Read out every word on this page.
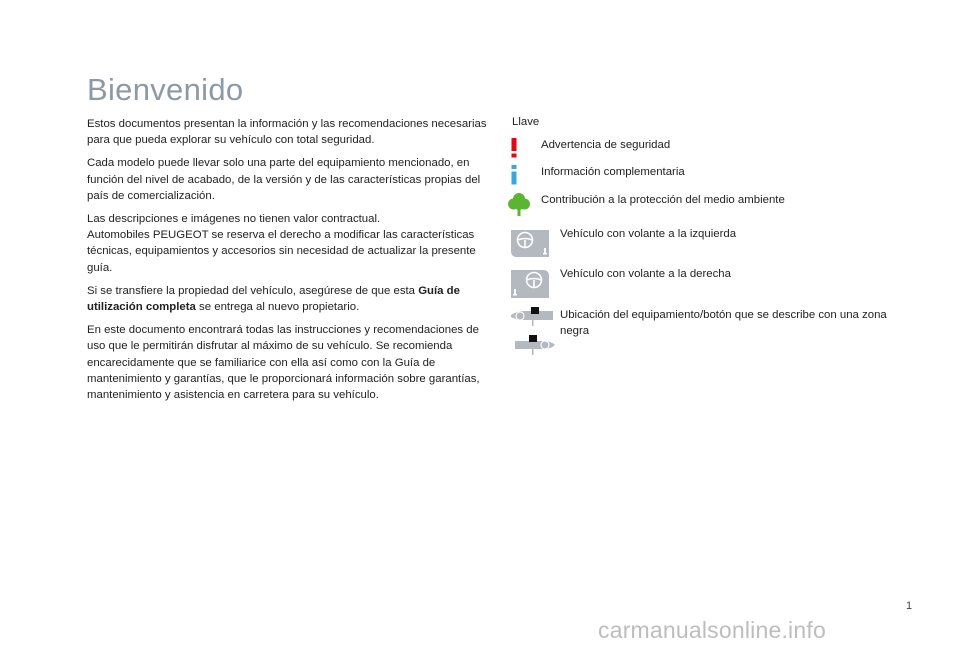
Bienvenido

Estos documentos presentan la información y las recomendaciones necesarias para que pueda explorar su vehículo con total seguridad.

Cada modelo puede llevar solo una parte del equipamiento mencionado, en función del nivel de acabado, de la versión y de las características propias del país de comercialización.

Las descripciones e imágenes no tienen valor contractual.
Automobiles PEUGEOT se reserva el derecho a modificar las características técnicas, equipamientos y accesorios sin necesidad de actualizar la presente guía.

Si se transfiere la propiedad del vehículo, asegúrese de que esta Guía de utilización completa se entrega al nuevo propietario.

En este documento encontrará todas las instrucciones y recomendaciones de uso que le permitirán disfrutar al máximo de su vehículo. Se recomienda encarecidamente que se familiarice con ella así como con la Guía de mantenimiento y garantías, que le proporcionará información sobre garantías, mantenimiento y asistencia en carretera para su vehículo.

Llave
Advertencia de seguridad
Información complementaria
Contribución a la protección del medio ambiente
Vehículo con volante a la izquierda
Vehículo con volante a la derecha
Ubicación del equipamiento/botón que se describe con una zona negra
1
carmanualsonline.info
